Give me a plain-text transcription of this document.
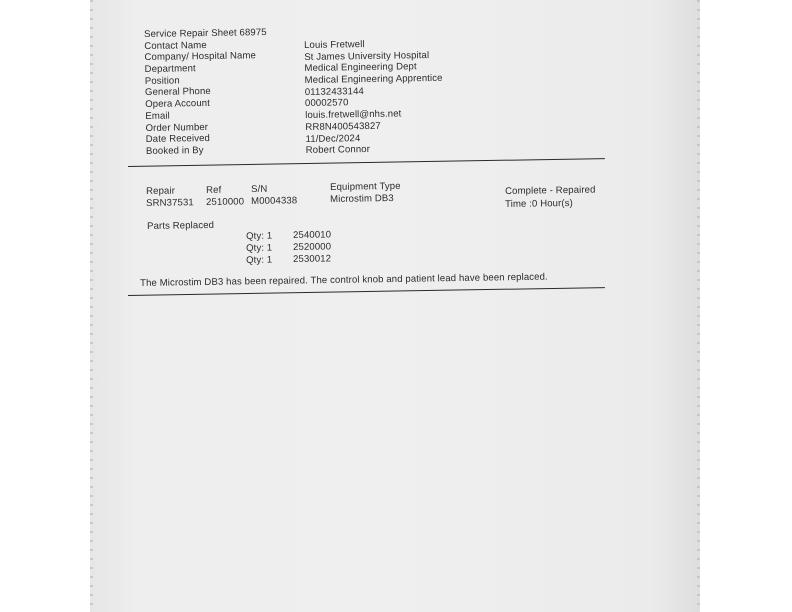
Service Repair Sheet 68975
Contact Name
Company/ Hospital Name
Department
Position
General Phone
Opera Account
Email
Order Number
Date Received
Booked in By
Louis Fretwell
St James University Hospital
Medical Engineering Dept
Medical Engineering Apprentice
01132433144
00002570
louis.fretwell@nhs.net
RR8N400543827
11/Dec/2024
Robert Connor
Repair
SRN37531
Ref
2510000
S/N
M0004338
Equipment Type
Microstim DB3
Complete - Repaired
Time :0 Hour(s)
Parts Replaced
Qty: 1 2540010
Qty: 1 2520000
Qty: 1 2530012
The Microstim DB3 has been repaired. The control knob and patient lead have been replaced.
